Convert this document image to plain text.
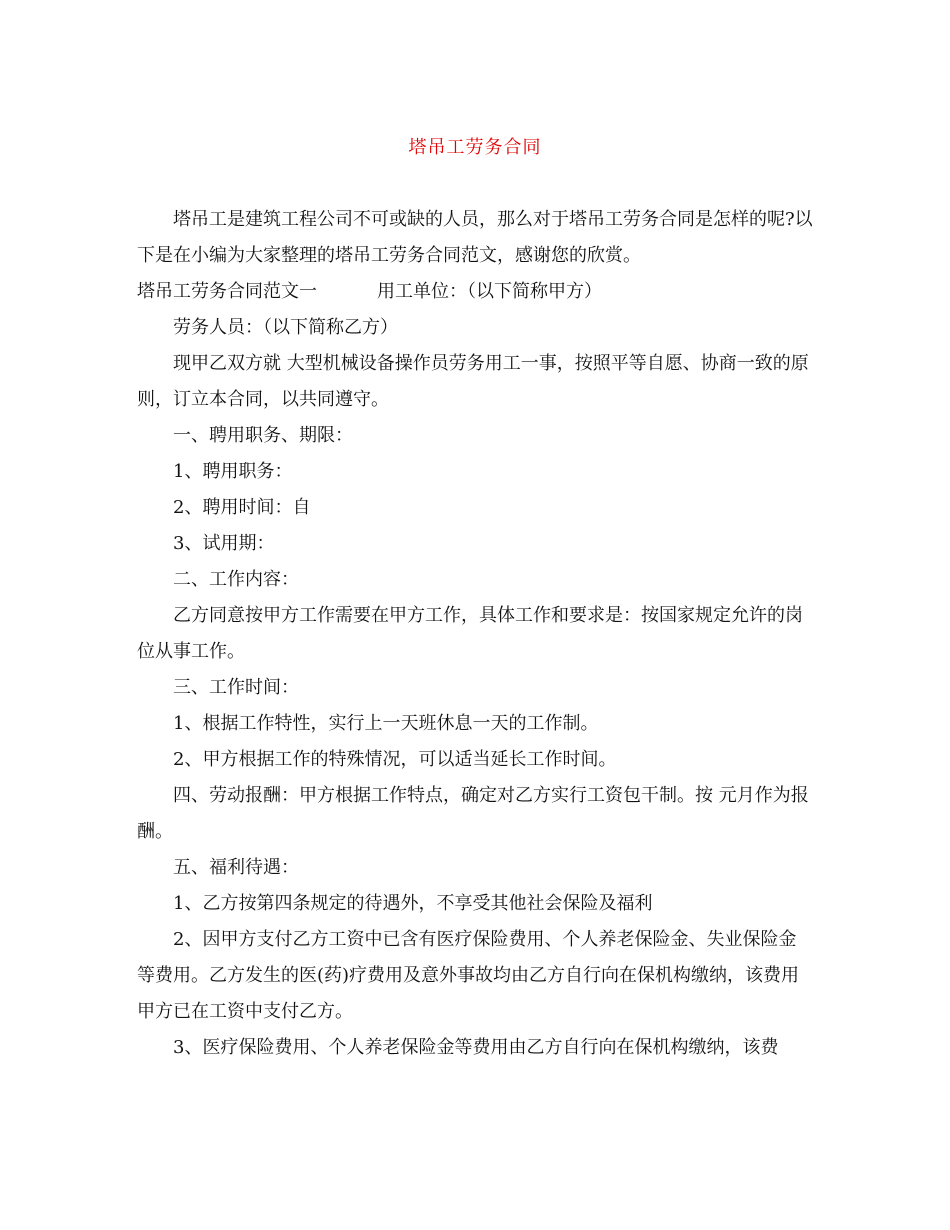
塔吊工劳务合同

塔吊工是建筑工程公司不可或缺的人员，那么对于塔吊工劳务合同是怎样的呢?以下是在小编为大家整理的塔吊工劳务合同范文，感谢您的欣赏。

塔吊工劳务合同范文一	用工单位：（以下简称甲方）

劳务人员：（以下简称乙方）

现甲乙双方就 大型机械设备操作员劳务用工一事，按照平等自愿、协商一致的原则，订立本合同，以共同遵守。

一、聘用职务、期限：

1、聘用职务：

2、聘用时间：自

3、试用期：

二、工作内容：

乙方同意按甲方工作需要在甲方工作，具体工作和要求是：按国家规定允许的岗位从事工作。

三、工作时间：

1、根据工作特性，实行上一天班休息一天的工作制。

2、甲方根据工作的特殊情况，可以适当延长工作时间。

四、劳动报酬：甲方根据工作特点，确定对乙方实行工资包干制。按 元月作为报酬。

五、福利待遇：

1、乙方按第四条规定的待遇外，不享受其他社会保险及福利

2、因甲方支付乙方工资中已含有医疗保险费用、个人养老保险金、失业保险金等费用。乙方发生的医(药)疗费用及意外事故均由乙方自行向在保机构缴纳，该费用甲方已在工资中支付乙方。

3、医疗保险费用、个人养老保险金等费用由乙方自行向在保机构缴纳，该费
